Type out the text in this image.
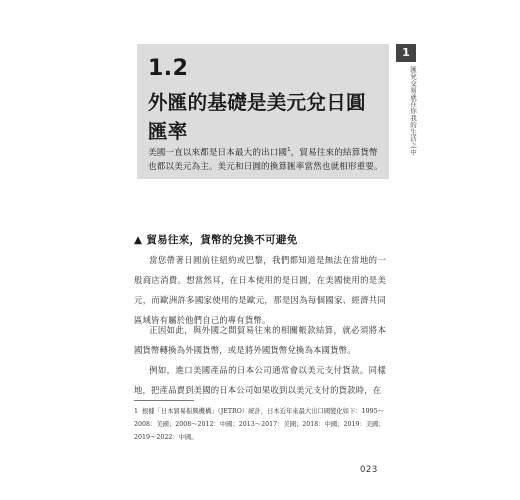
1.2
外匯的基礎是美元兌日圓匯率
美國一直以來都是日本最大的出口國$^1$，貿易往來的結算貨幣也都以美元為主。美元和日圓的換算匯率當然也就相形重要。
1
匯兌交易就在你我的生活之中
▲ 貿易往來，貨幣的兌換不可避免
當您帶著日圓前往紐約或巴黎，我們都知道是無法在當地的一般商店消費。想當然耳，在日本使用的是日圓，在美國使用的是美元，而歐洲許多國家使用的是歐元，那是因為每個國家、經濟共同區域皆有屬於他們自己的專有貨幣。
正因如此，與外國之間貿易往來的相關帳款結算，就必須將本國貨幣轉換為外國貨幣，或是將外國貨幣兌換為本國貨幣。
例如，進口美國產品的日本公司通常會以美元支付貨款。同樣地，把產品賣到美國的日本公司如果收到以美元支付的貨款時，在
1 根據「日本貿易振興機構」（JETRO）統計，日本近年來最大出口國變化如下：1995～2008：美國；2008～2012：中國；2013～2017：美國；2018：中國；2019：美國；2019～2022：中國。
023
